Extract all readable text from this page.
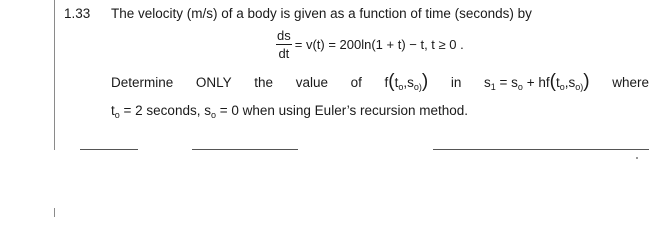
1.33 The velocity (m/s) of a body is given as a function of time (seconds) by
$\frac{ds}{dt} = v(t) = 200\ln(1 + t) - t$, t ≥ 0 .
Determine ONLY the value of $f(t_o,s_{o)})$ in $s_1 = s_o + hf(t_o,s_{o)})$ where
$t_o = 2$ seconds, $s_o = 0$ when using Euler’s recursion method.
